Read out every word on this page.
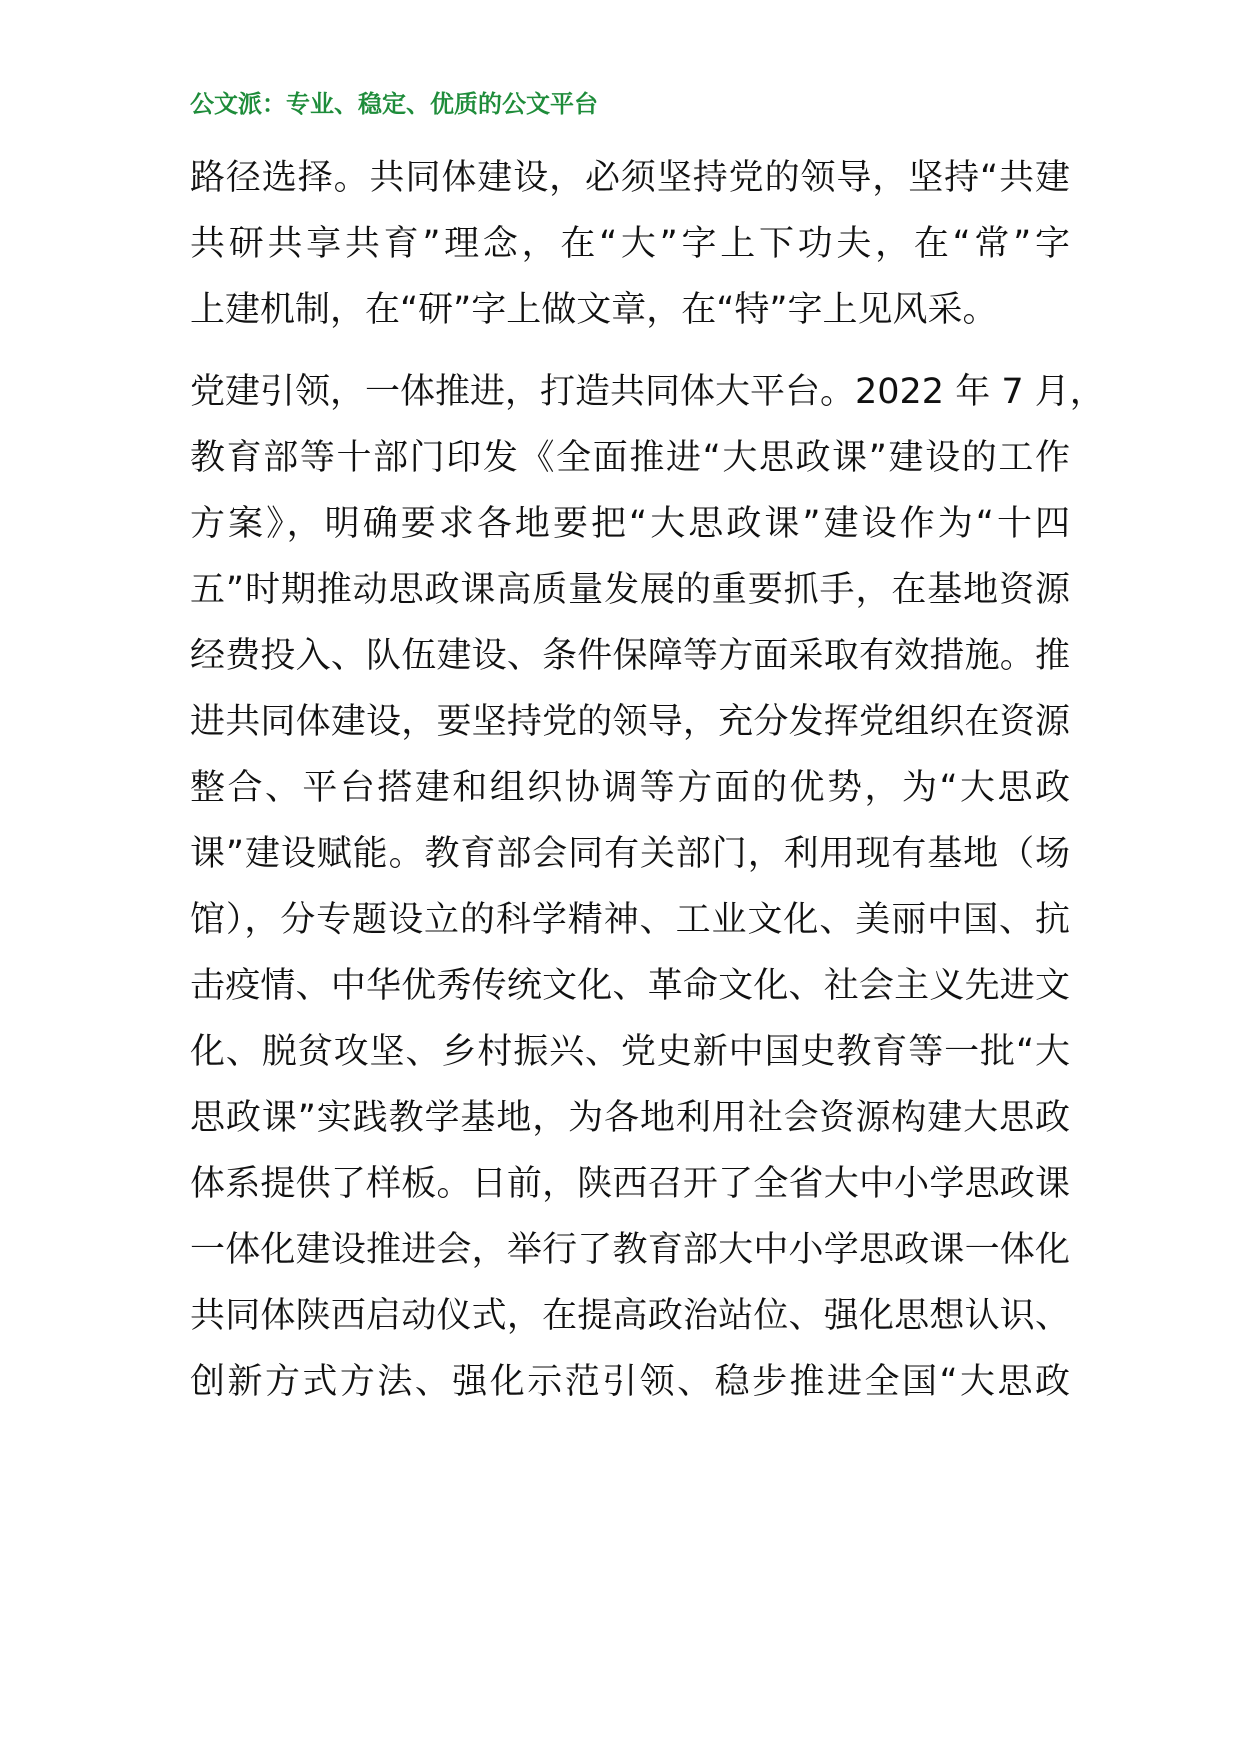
公文派：专业、稳定、优质的公文平台
路径选择。共同体建设，必须坚持党的领导，坚持“共建
共研共享共育”理念，在“大”字上下功夫，在“常”字
上建机制，在“研”字上做文章，在“特”字上见风采。
党建引领，一体推进，打造共同体大平台。2022 年 7 月，
教育部等十部门印发《全面推进“大思政课”建设的工作
方案》，明确要求各地要把“大思政课”建设作为“十四
五”时期推动思政课高质量发展的重要抓手，在基地资源
经费投入、队伍建设、条件保障等方面采取有效措施。推
进共同体建设，要坚持党的领导，充分发挥党组织在资源
整合、平台搭建和组织协调等方面的优势，为“大思政
课”建设赋能。教育部会同有关部门，利用现有基地（场
馆），分专题设立的科学精神、工业文化、美丽中国、抗
击疫情、中华优秀传统文化、革命文化、社会主义先进文
化、脱贫攻坚、乡村振兴、党史新中国史教育等一批“大
思政课”实践教学基地，为各地利用社会资源构建大思政
体系提供了样板。日前，陕西召开了全省大中小学思政课
一体化建设推进会，举行了教育部大中小学思政课一体化
共同体陕西启动仪式，在提高政治站位、强化思想认识、
创新方式方法、强化示范引领、稳步推进全国“大思政
